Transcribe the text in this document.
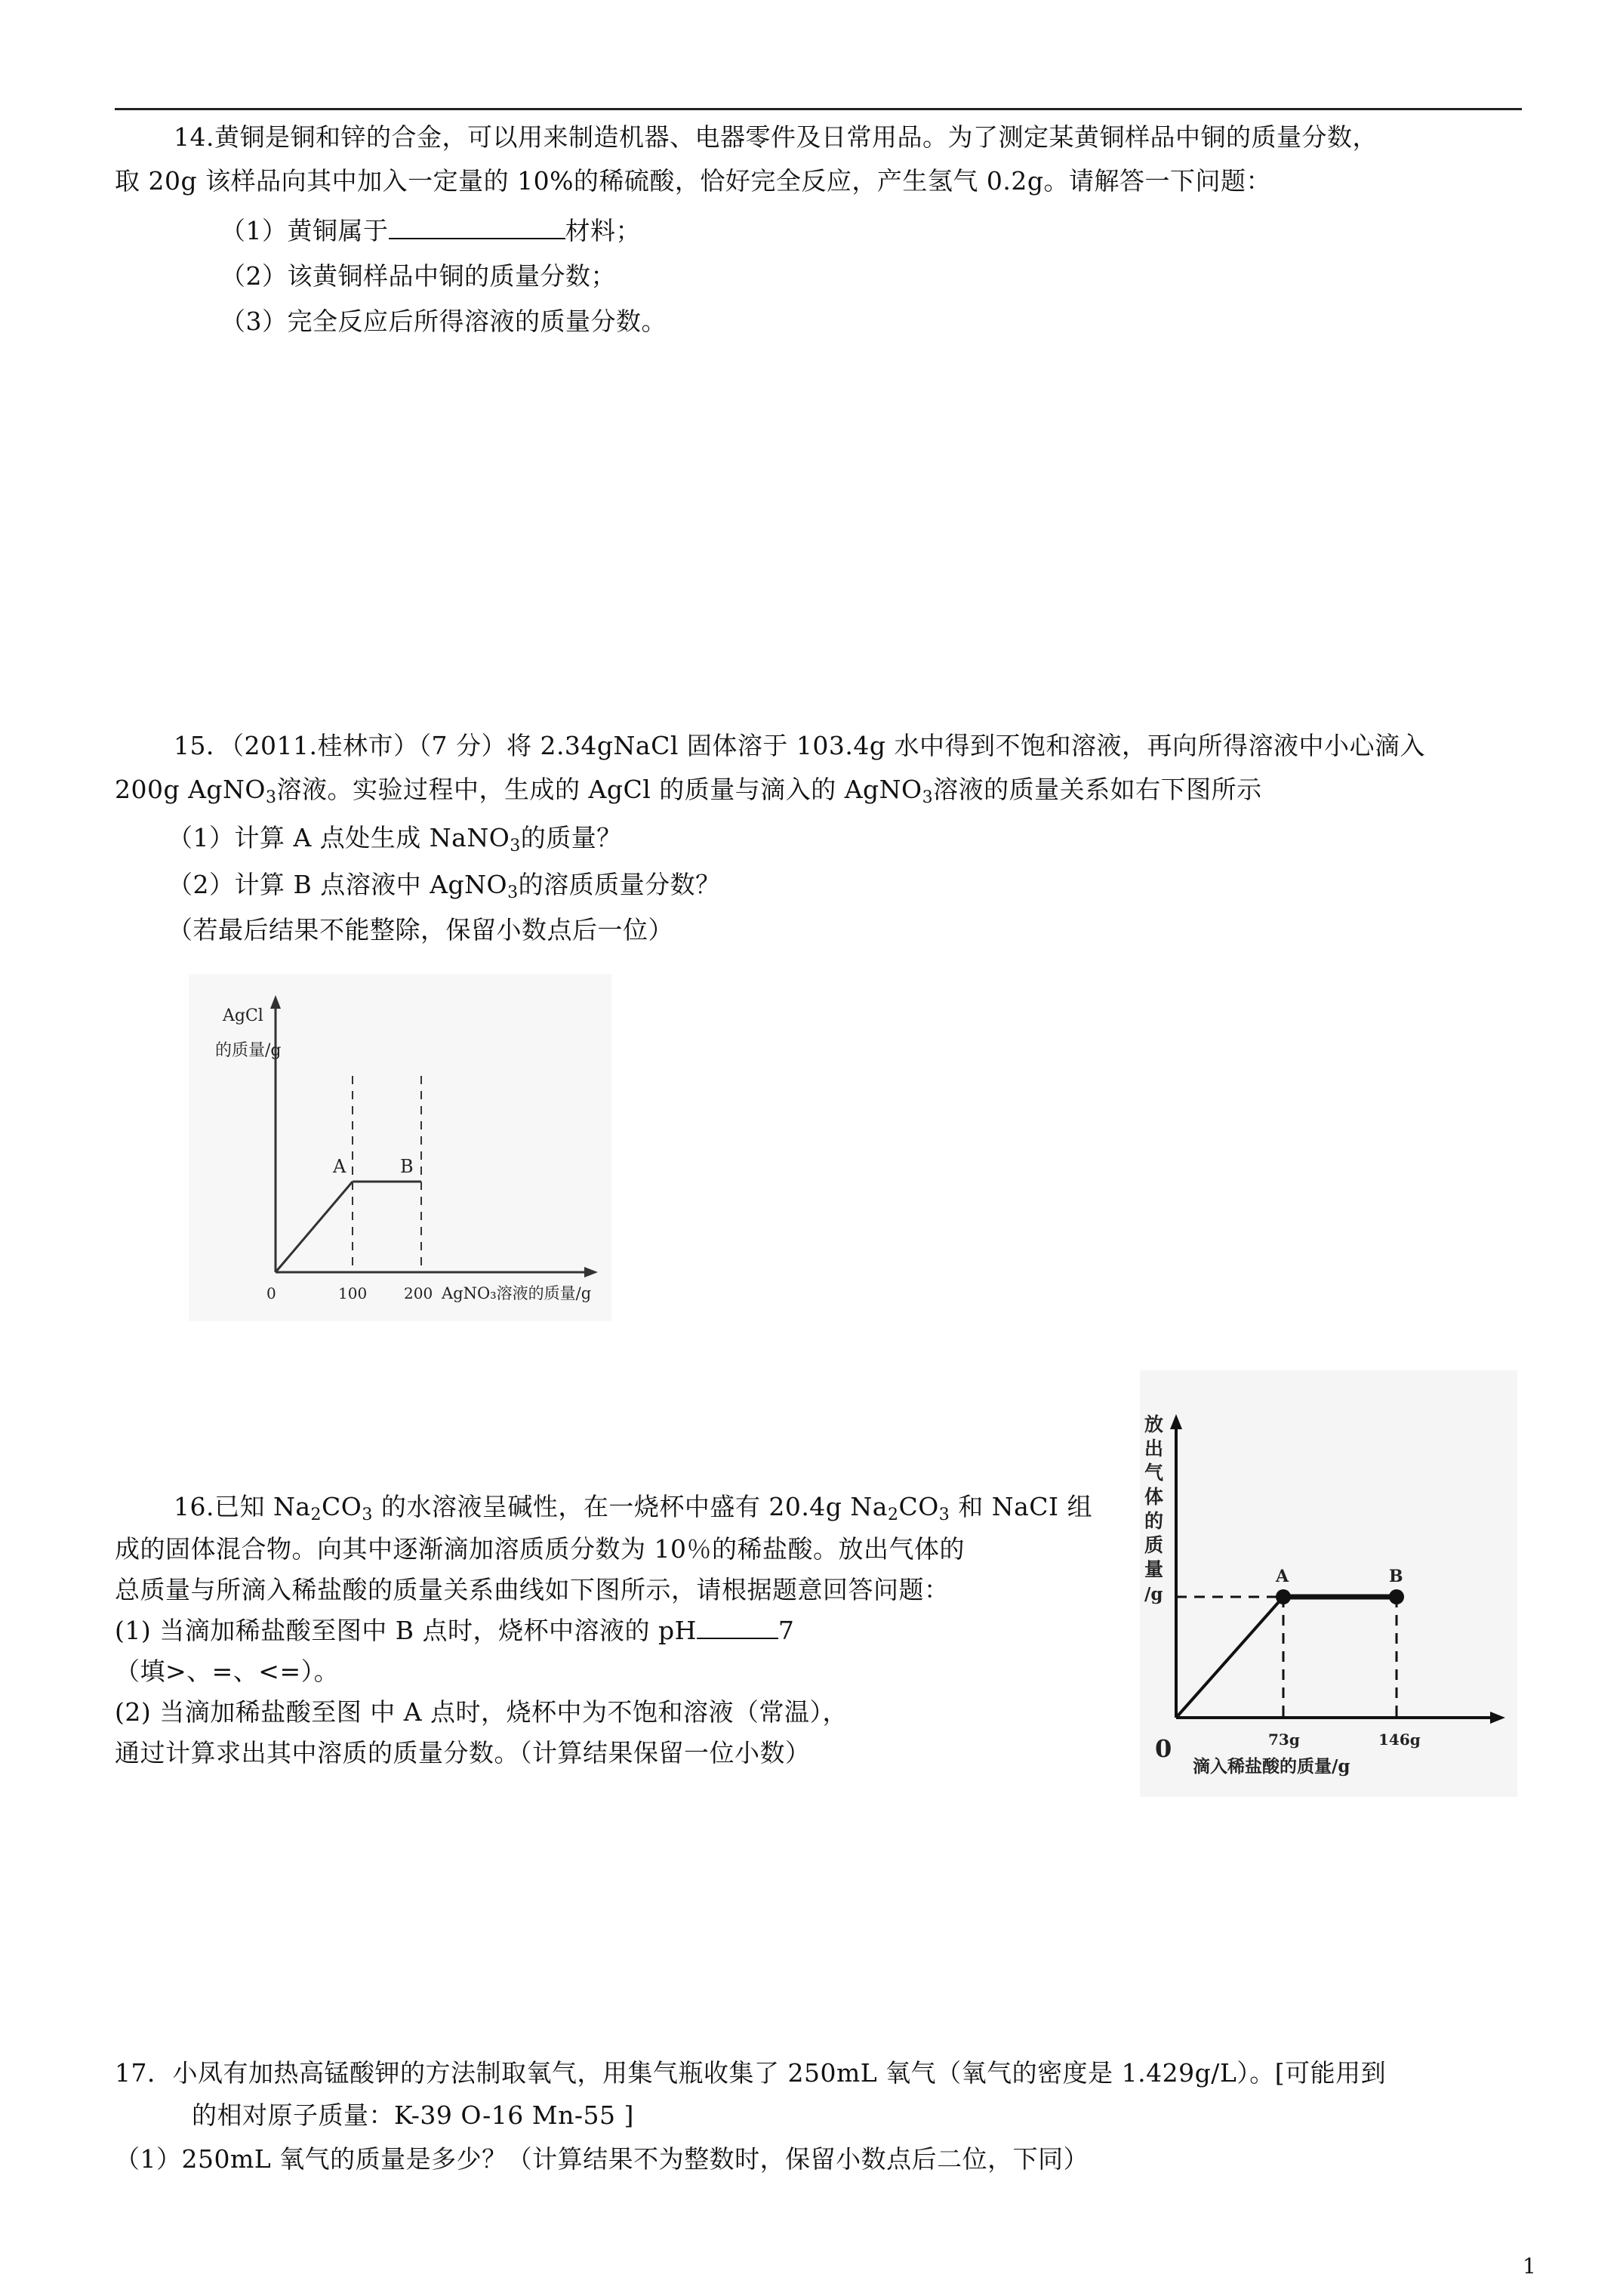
14.黄铜是铜和锌的合金，可以用来制造机器、电器零件及日常用品。为了测定某黄铜样品中铜的质量分数，
取 20g 该样品向其中加入一定量的 10%的稀硫酸，恰好完全反应，产生氢气 0.2g。请解答一下问题：
（1）黄铜属于	材料；
（2）该黄铜样品中铜的质量分数；
（3）完全反应后所得溶液的质量分数。
15．（2011.桂林市）（7 分）将 2.34gNaCl 固体溶于 103.4g 水中得到不饱和溶液，再向所得溶液中小心滴入
200g AgNO$_3$溶液。实验过程中，生成的 AgCl 的质量与滴入的 AgNO$_3$溶液的质量关系如右下图所示
（1）计算 A 点处生成 NaNO$_3$的质量？
（2）计算 B 点溶液中 AgNO$_3$的溶质质量分数？
（若最后结果不能整除，保留小数点后一位）
AgCl
的质量/g
A	B
0	100 200 AgNO₃溶液的质量/g
16.已知 $Na_2CO_3$ 的水溶液呈碱性，在一烧杯中盛有 20.4g $Na_2CO_3$ 和 NaCI 组
成的固体混合物。向其中逐渐滴加溶质质分数为 10％的稀盐酸。放出气体的
总质量与所滴入稀盐酸的质量关系曲线如下图所示，请根据题意回答问题：
(1) 当滴加稀盐酸至图中 B 点时，烧杯中溶液的 pH	7
（填>、=、<=）。
(2) 当滴加稀盐酸至图 中 A 点时，烧杯中为不饱和溶液（常温），
通过计算求出其中溶质的质量分数。（计算结果保留一位小数）
放
出
气
体
的
质
量
/g
A	B
0	73g	146g
滴入稀盐酸的质量/g
17．小凤有加热高锰酸钾的方法制取氧气，用集气瓶收集了 250mL 氧气（氧气的密度是 1.429g/L）。[可能用到
的相对原子质量：K-39 O-16 Mn-55 ]
（1）250mL 氧气的质量是多少？（计算结果不为整数时，保留小数点后二位，下同）
1
